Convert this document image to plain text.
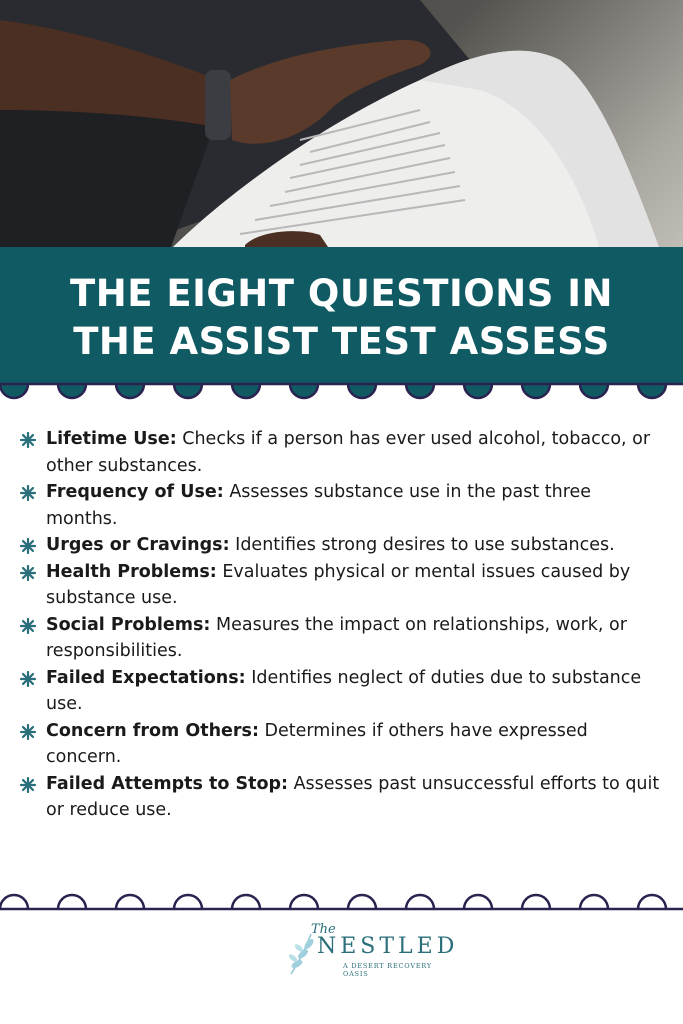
THE EIGHT QUESTIONS IN
THE ASSIST TEST ASSESS
Lifetime Use: Checks if a person has ever used alcohol, tobacco, or other substances.
Frequency of Use: Assesses substance use in the past three months.
Urges or Cravings: Identifies strong desires to use substances.
Health Problems: Evaluates physical or mental issues caused by substance use.
Social Problems: Measures the impact on relationships, work, or responsibilities.
Failed Expectations: Identifies neglect of duties due to substance use.
Concern from Others: Determines if others have expressed concern.
Failed Attempts to Stop: Assesses past unsuccessful efforts to quit or reduce use.
The
NESTLED
A DESERT RECOVERY OASIS
